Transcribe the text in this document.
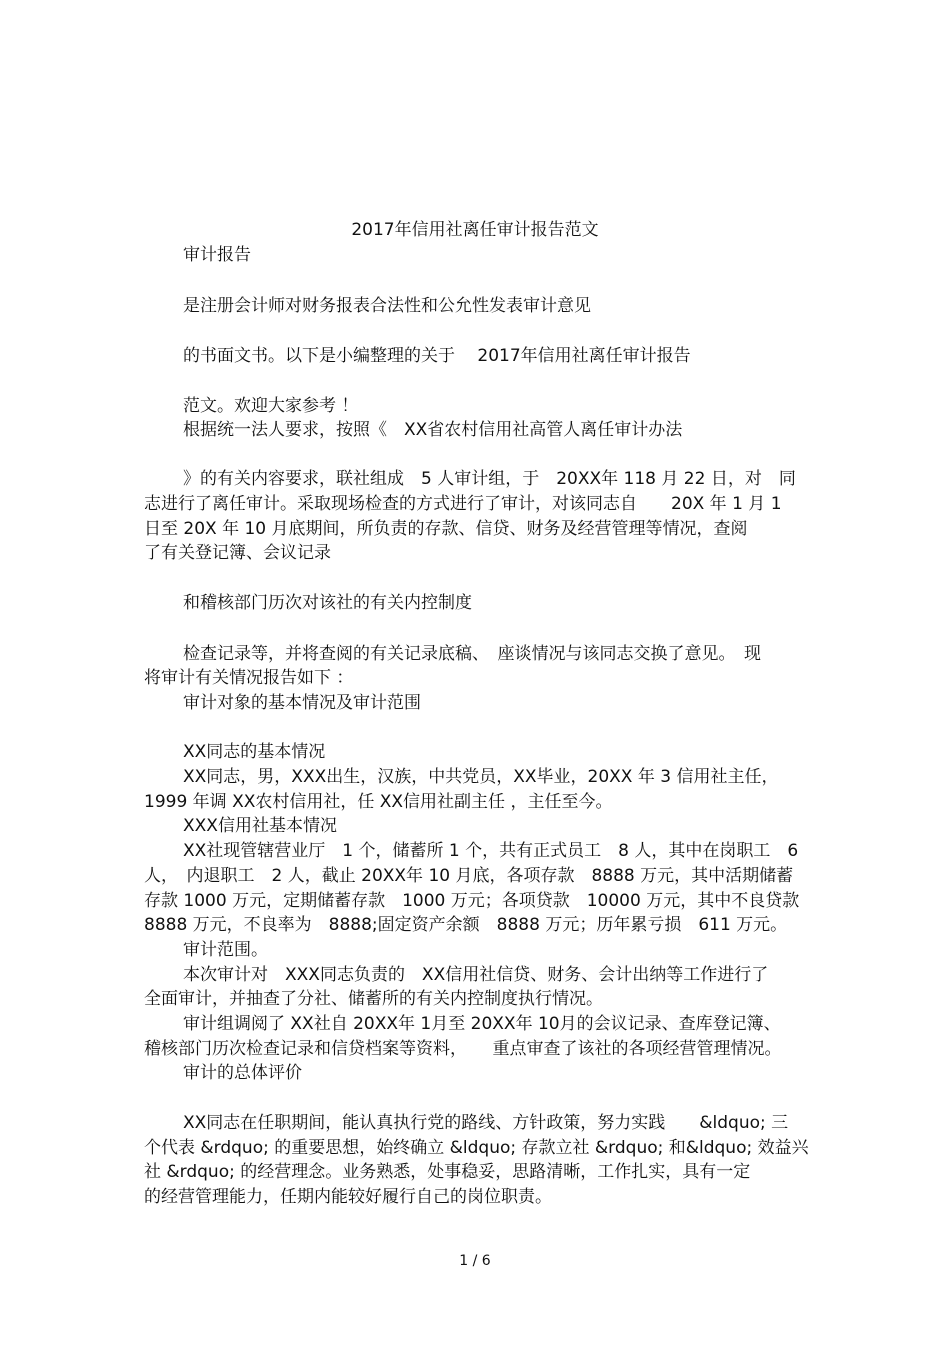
2017年信用社离任审计报告范文
审计报告
是注册会计师对财务报表合法性和公允性发表审计意见
的书面文书。以下是小编整理的关于　 2017年信用社离任审计报告
范文。欢迎大家参考 ！
根据统一法人要求，按照《　XX省农村信用社高管人离任审计办法
》的有关内容要求，联社组成　5 人审计组，于　20XX年 118 月 22 日，对　同
志进行了离任审计。采取现场检查的方式进行了审计，对该同志自　　20X 年 1 月 1
日至 20X 年 10 月底期间，所负责的存款、信贷、财务及经营管理等情况，查阅
了有关登记簿、会议记录
和稽核部门历次对该社的有关内控制度
检查记录等，并将查阅的有关记录底稿、　座谈情况与该同志交换了意见。　现
将审计有关情况报告如下 ：
审计对象的基本情况及审计范围
XX同志的基本情况
XX同志，男，XXX出生，汉族，中共党员，XX毕业，20XX 年 3 信用社主任，
1999 年调 XX农村信用社，任 XX信用社副主任 ，主任至今。
XXX信用社基本情况
XX社现管辖营业厅　1 个，储蓄所 1 个，共有正式员工　8 人，其中在岗职工　6
人，　内退职工　2 人，截止 20XX年 10 月底，各项存款　8888 万元，其中活期储蓄
存款 1000 万元，定期储蓄存款　1000 万元；各项贷款　10000 万元，其中不良贷款
8888 万元，不良率为　8888;固定资产余额　8888 万元；历年累亏损　611 万元。
审计范围。
本次审计对　XXX同志负责的　XX信用社信贷、财务、会计出纳等工作进行了
全面审计，并抽查了分社、储蓄所的有关内控制度执行情况。
审计组调阅了 XX社自 20XX年 1月至 20XX年 10月的会议记录、查库登记簿、
稽核部门历次检查记录和信贷档案等资料，　　重点审查了该社的各项经营管理情况。
审计的总体评价
XX同志在任职期间，能认真执行党的路线、方针政策，努力实践　　&ldquo; 三
个代表 &rdquo; 的重要思想，始终确立 &ldquo; 存款立社 &rdquo; 和&ldquo; 效益兴
社 &rdquo; 的经营理念。业务熟悉，处事稳妥，思路清晰，工作扎实，具有一定
的经营管理能力，任期内能较好履行自己的岗位职责。
1 / 6
